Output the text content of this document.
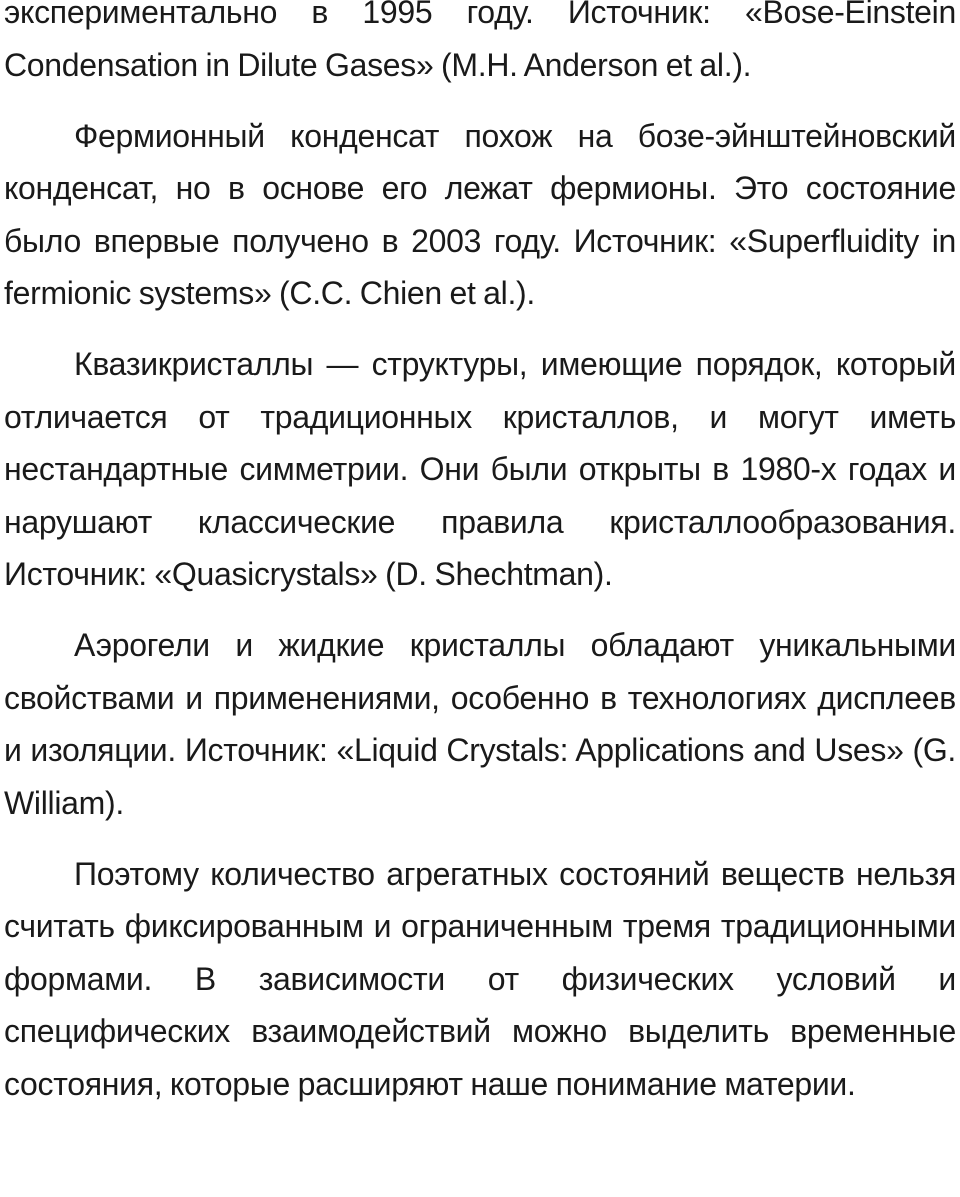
экспериментально в 1995 году. Источник: «Bose-Einstein Condensation in Dilute Gases» (M.H. Anderson et al.).

Фермионный конденсат похож на бозе-эйнштейновский конденсат, но в основе его лежат фермионы. Это состояние было впервые получено в 2003 году. Источник: «Superfluidity in fermionic systems» (C.C. Chien et al.).

Квазикристаллы — структуры, имеющие порядок, который отличается от традиционных кристаллов, и могут иметь нестандартные симметрии. Они были открыты в 1980-х годах и нарушают классические правила кристаллообразования. Источник: «Quasicrystals» (D. Shechtman).

Аэрогели и жидкие кристаллы обладают уникальными свойствами и применениями, особенно в технологиях дисплеев и изоляции. Источник: «Liquid Crystals: Applications and Uses» (G. William).

Поэтому количество агрегатных состояний веществ нельзя считать фиксированным и ограниченным тремя традиционными формами. В зависимости от физических условий и специфических взаимодействий можно выделить временные состояния, которые расширяют наше понимание материи.
